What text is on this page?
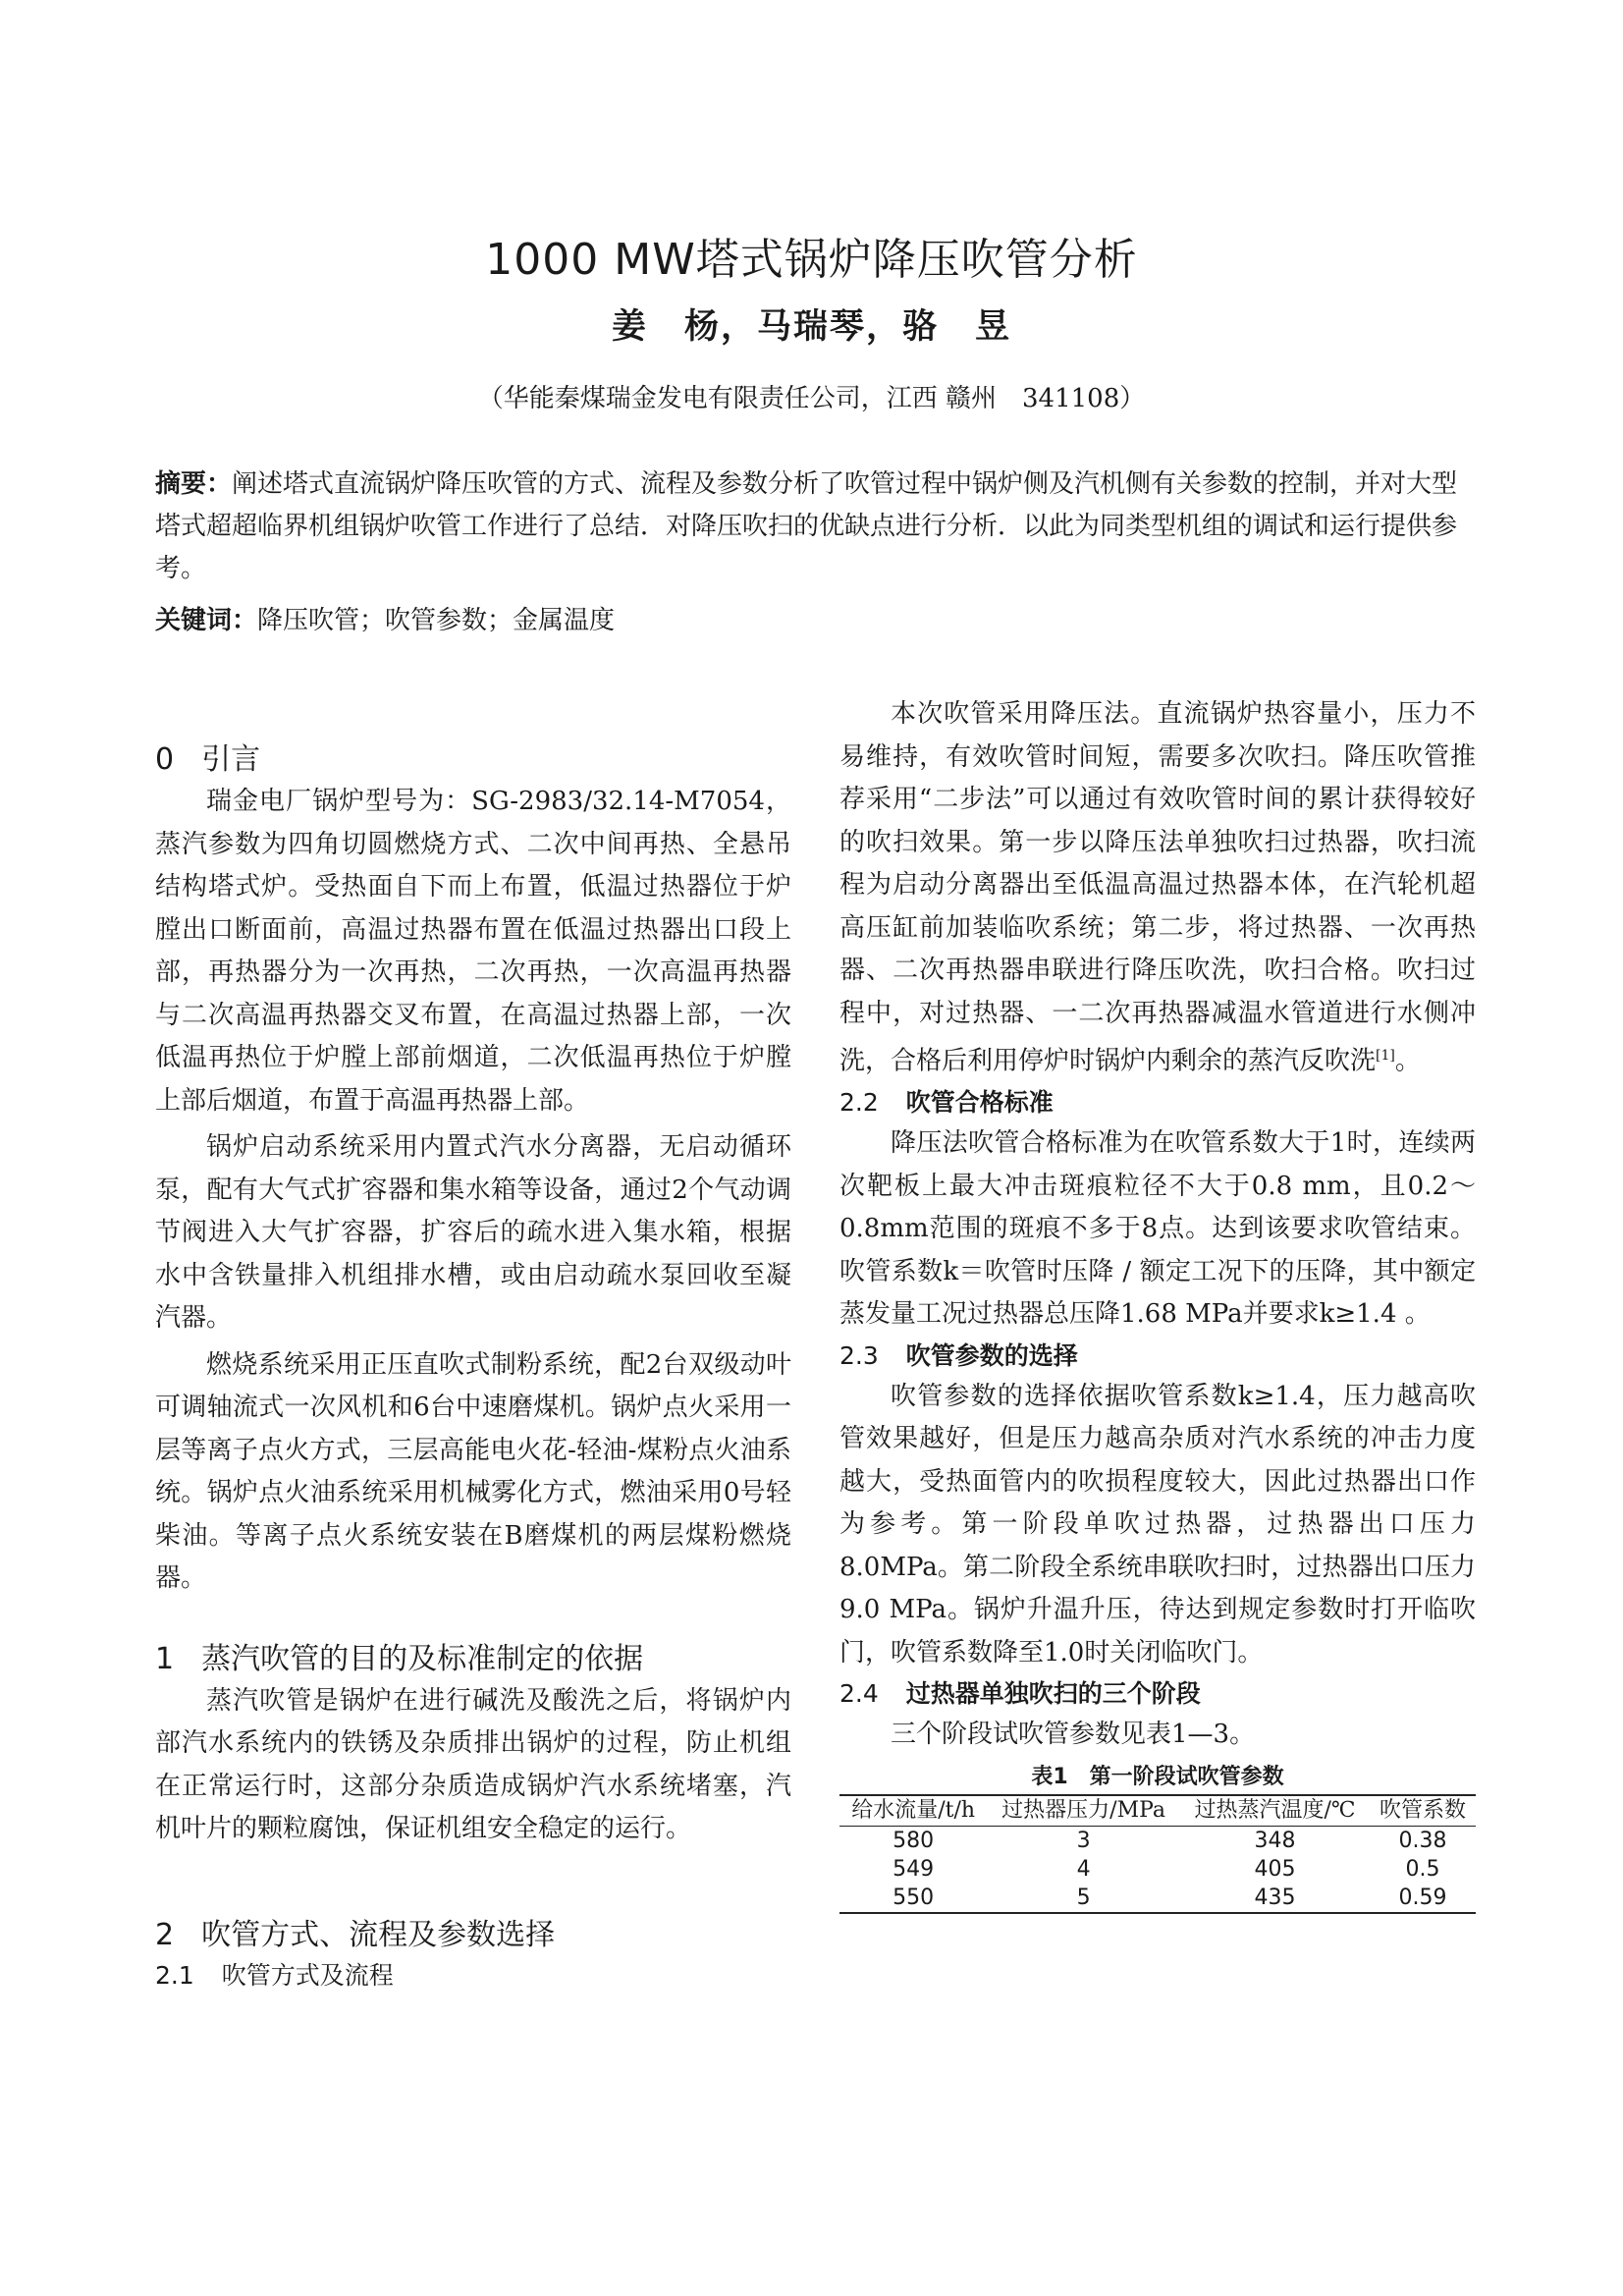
1000 MW塔式锅炉降压吹管分析
姜　杨，马瑞琴，骆　昱
（华能秦煤瑞金发电有限责任公司，江西 赣州　341108）
摘要：阐述塔式直流锅炉降压吹管的方式、流程及参数分析了吹管过程中锅炉侧及汽机侧有关参数的控制，并对大型塔式超超临界机组锅炉吹管工作进行了总结．对降压吹扫的优缺点进行分析．以此为同类型机组的调试和运行提供参考。
关键词：降压吹管；吹管参数；金属温度
0 引言

瑞金电厂锅炉型号为：SG-2983/32.14-M7054，蒸汽参数为四角切圆燃烧方式、二次中间再热、全悬吊结构塔式炉。受热面自下而上布置，低温过热器位于炉膛出口断面前，高温过热器布置在低温过热器出口段上部，再热器分为一次再热，二次再热，一次高温再热器与二次高温再热器交叉布置，在高温过热器上部，一次低温再热位于炉膛上部前烟道，二次低温再热位于炉膛上部后烟道，布置于高温再热器上部。

锅炉启动系统采用内置式汽水分离器，无启动循环泵，配有大气式扩容器和集水箱等设备，通过2个气动调节阀进入大气扩容器，扩容后的疏水进入集水箱，根据水中含铁量排入机组排水槽，或由启动疏水泵回收至凝汽器。

燃烧系统采用正压直吹式制粉系统，配2台双级动叶可调轴流式一次风机和6台中速磨煤机。锅炉点火采用一层等离子点火方式，三层高能电火花-轻油-煤粉点火油系统。锅炉点火油系统采用机械雾化方式，燃油采用0号轻柴油。等离子点火系统安装在B磨煤机的两层煤粉燃烧器。

1 蒸汽吹管的目的及标准制定的依据

蒸汽吹管是锅炉在进行碱洗及酸洗之后，将锅炉内部汽水系统内的铁锈及杂质排出锅炉的过程，防止机组在正常运行时，这部分杂质造成锅炉汽水系统堵塞，汽机叶片的颗粒腐蚀，保证机组安全稳定的运行。

2 吹管方式、流程及参数选择
2.1 吹管方式及流程

本次吹管采用降压法。直流锅炉热容量小，压力不易维持，有效吹管时间短，需要多次吹扫。降压吹管推荐采用“二步法”可以通过有效吹管时间的累计获得较好的吹扫效果。第一步以降压法单独吹扫过热器，吹扫流程为启动分离器出至低温高温过热器本体，在汽轮机超高压缸前加装临吹系统；第二步，将过热器、一次再热器、二次再热器串联进行降压吹洗，吹扫合格。吹扫过程中，对过热器、一二次再热器减温水管道进行水侧冲洗，合格后利用停炉时锅炉内剩余的蒸汽反吹洗[1]。

2.2 吹管合格标准

降压法吹管合格标准为在吹管系数大于1时，连续两次靶板上最大冲击斑痕粒径不大于0.8 mm，且0.2～0.8mm范围的斑痕不多于8点。达到该要求吹管结束。吹管系数k＝吹管时压降 / 额定工况下的压降，其中额定蒸发量工况过热器总压降1.68 MPa并要求k≥1.4 。

2.3 吹管参数的选择

吹管参数的选择依据吹管系数k≥1.4，压力越高吹管效果越好，但是压力越高杂质对汽水系统的冲击力度越大，受热面管内的吹损程度较大，因此过热器出口作为参考。第一阶段单吹过热器，过热器出口压力8.0MPa。第二阶段全系统串联吹扫时，过热器出口压力9.0 MPa。锅炉升温升压，待达到规定参数时打开临吹门，吹管系数降至1.0时关闭临吹门。

2.4 过热器单独吹扫的三个阶段

三个阶段试吹管参数见表1—3。

表1　第一阶段试吹管参数
给水流量/t/h	过热器压力/MPa	过热蒸汽温度/℃	吹管系数
580	3	348	0.38
549	4	405	0.5
550	5	435	0.59
